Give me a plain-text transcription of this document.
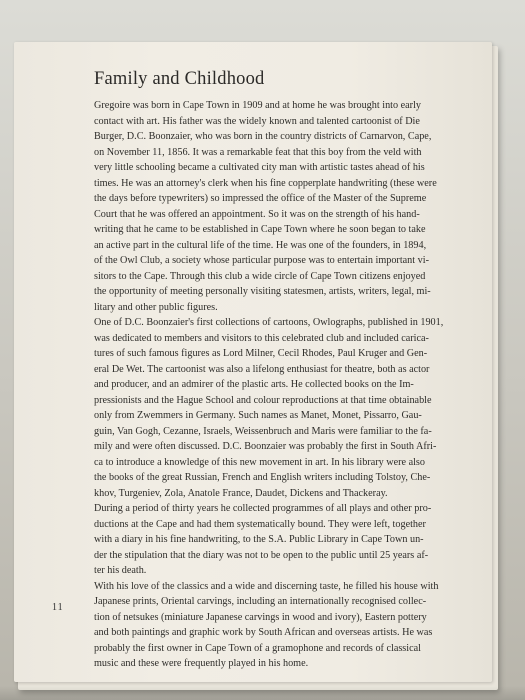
Family and Childhood

Gregoire was born in Cape Town in 1909 and at home he was brought into early
contact with art. His father was the widely known and talented cartoonist of Die
Burger, D.C. Boonzaier, who was born in the country districts of Carnarvon, Cape,
on November 11, 1856. It was a remarkable feat that this boy from the veld with
very little schooling became a cultivated city man with artistic tastes ahead of his
times. He was an attorney's clerk when his fine copperplate handwriting (these were
the days before typewriters) so impressed the office of the Master of the Supreme
Court that he was offered an appointment. So it was on the strength of his hand-
writing that he came to be established in Cape Town where he soon began to take
an active part in the cultural life of the time. He was one of the founders, in 1894,
of the Owl Club, a society whose particular purpose was to entertain important vi-
sitors to the Cape. Through this club a wide circle of Cape Town citizens enjoyed
the opportunity of meeting personally visiting statesmen, artists, writers, legal, mi-
litary and other public figures.

One of D.C. Boonzaier's first collections of cartoons, Owlographs, published in 1901,
was dedicated to members and visitors to this celebrated club and included carica-
tures of such famous figures as Lord Milner, Cecil Rhodes, Paul Kruger and Gen-
eral De Wet. The cartoonist was also a lifelong enthusiast for theatre, both as actor
and producer, and an admirer of the plastic arts. He collected books on the Im-
pressionists and the Hague School and colour reproductions at that time obtainable
only from Zwemmers in Germany. Such names as Manet, Monet, Pissarro, Gau-
guin, Van Gogh, Cezanne, Israels, Weissenbruch and Maris were familiar to the fa-
mily and were often discussed. D.C. Boonzaier was probably the first in South Afri-
ca to introduce a knowledge of this new movement in art. In his library were also
the books of the great Russian, French and English writers including Tolstoy, Che-
khov, Turgeniev, Zola, Anatole France, Daudet, Dickens and Thackeray.

During a period of thirty years he collected programmes of all plays and other pro-
ductions at the Cape and had them systematically bound. They were left, together
with a diary in his fine handwriting, to the S.A. Public Library in Cape Town un-
der the stipulation that the diary was not to be open to the public until 25 years af-
ter his death.

With his love of the classics and a wide and discerning taste, he filled his house with
Japanese prints, Oriental carvings, including an internationally recognised collec-
tion of netsukes (miniature Japanese carvings in wood and ivory), Eastern pottery
and both paintings and graphic work by South African and overseas artists. He was
probably the first owner in Cape Town of a gramophone and records of classical
music and these were frequently played in his home.

11
